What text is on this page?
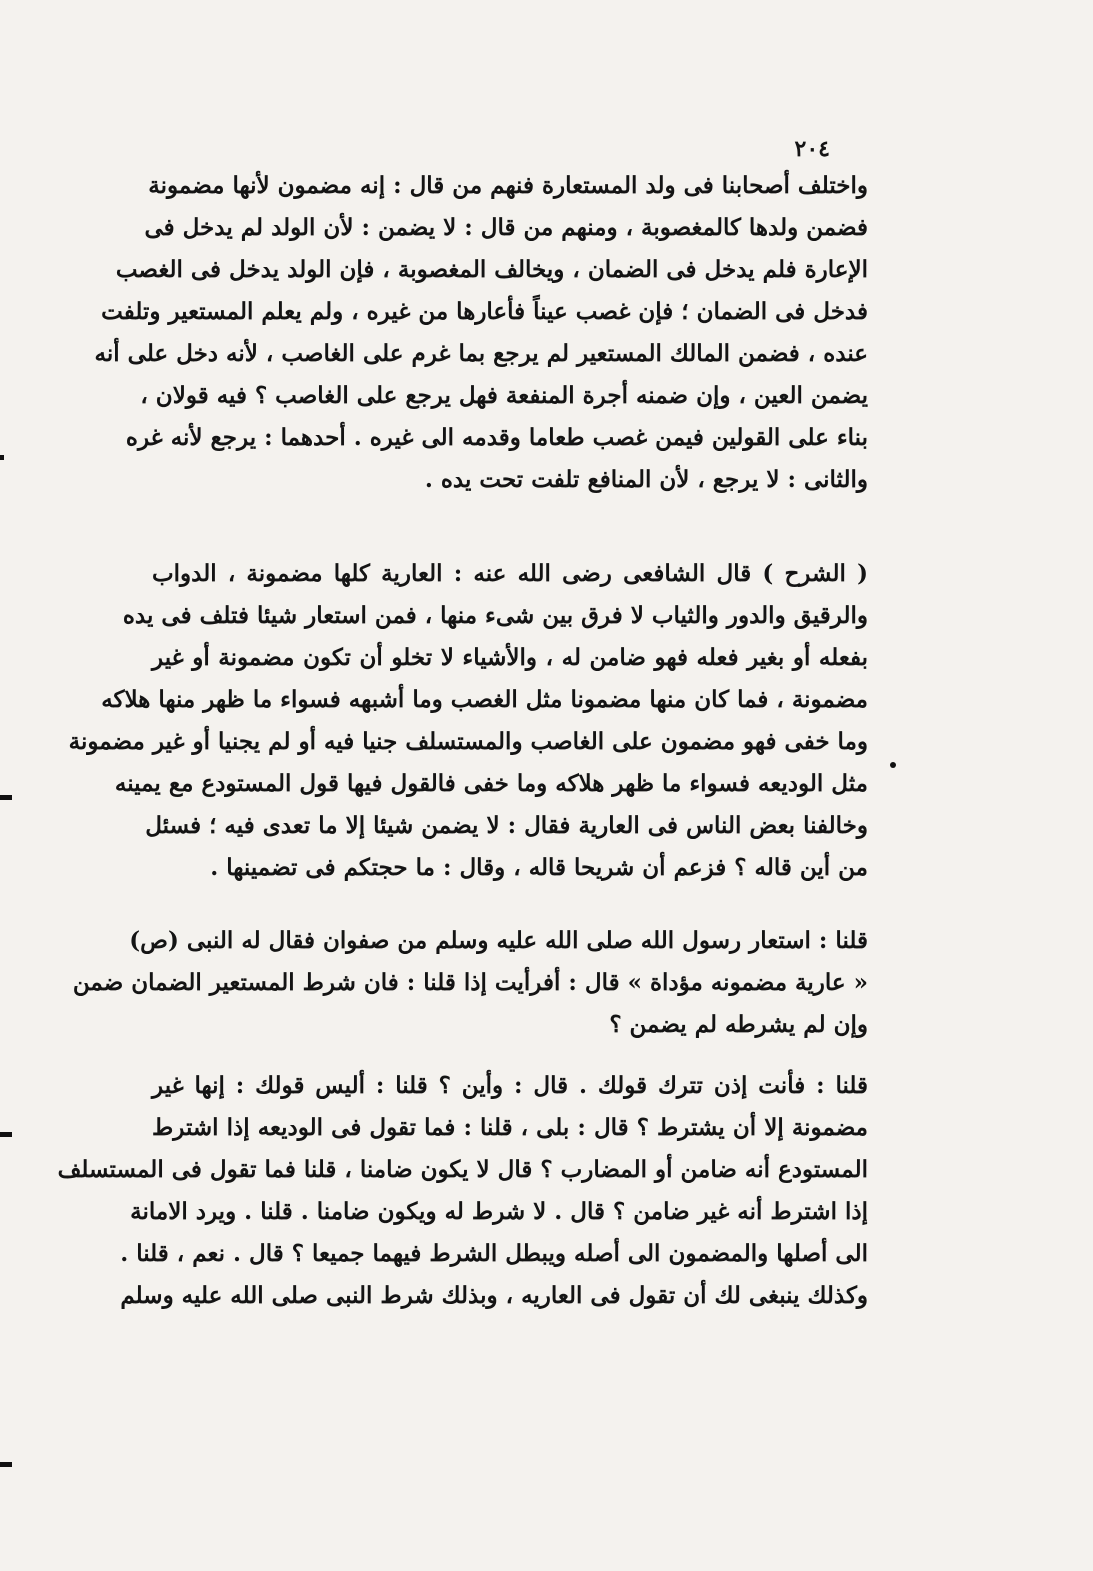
٢٠٤
واختلف أصحابنا فى ولد المستعارة فنهم من قال : إنه مضمون لأنها مضمونة
فضمن ولدها كالمغصوبة ، ومنهم من قال : لا يضمن : لأن الولد لم يدخل فى
الإعارة فلم يدخل فى الضمان ، ويخالف المغصوبة ، فإن الولد يدخل فى الغصب
فدخل فى الضمان ؛ فإن غصب عيناً فأعارها من غيره ، ولم يعلم المستعير وتلفت
عنده ، فضمن المالك المستعير لم يرجع بما غرم على الغاصب ، لأنه دخل على أنه
يضمن العين ، وإن ضمنه أجرة المنفعة فهل يرجع على الغاصب ؟ فيه قولان ،
بناء على القولين فيمن غصب طعاما وقدمه الى غيره . أحدهما : يرجع لأنه غره
والثانى : لا يرجع ، لأن المنافع تلفت تحت يده .
( الشرح ) قال الشافعى رضى الله عنه : العارية كلها مضمونة ، الدواب
والرقيق والدور والثياب لا فرق بين شىء منها ، فمن استعار شيئا فتلف فى يده
بفعله أو بغير فعله فهو ضامن له ، والأشياء لا تخلو أن تكون مضمونة أو غير
مضمونة ، فما كان منها مضمونا مثل الغصب وما أشبهه فسواء ما ظهر منها هلاكه
وما خفى فهو مضمون على الغاصب والمستسلف جنيا فيه أو لم يجنيا أو غير مضمونة
مثل الوديعه فسواء ما ظهر هلاكه وما خفى فالقول فيها قول المستودع مع يمينه
وخالفنا بعض الناس فى العارية فقال : لا يضمن شيئا إلا ما تعدى فيه ؛ فسئل
من أين قاله ؟ فزعم أن شريحا قاله ، وقال : ما حجتكم فى تضمينها .
قلنا : استعار رسول الله صلى الله عليه وسلم من صفوان فقال له النبى (ص)
« عارية مضمونه مؤداة » قال : أفرأيت إذا قلنا : فان شرط المستعير الضمان ضمن
وإن لم يشرطه لم يضمن ؟
قلنا : فأنت إذن تترك قولك . قال : وأين ؟ قلنا : أليس قولك : إنها غير
مضمونة إلا أن يشترط ؟ قال : بلى ، قلنا : فما تقول فى الوديعه إذا اشترط
المستودع أنه ضامن أو المضارب ؟ قال لا يكون ضامنا ، قلنا فما تقول فى المستسلف
إذا اشترط أنه غير ضامن ؟ قال . لا شرط له ويكون ضامنا . قلنا . ويرد الامانة
الى أصلها والمضمون الى أصله ويبطل الشرط فيهما جميعا ؟ قال . نعم ، قلنا .
وكذلك ينبغى لك أن تقول فى العاريه ، وبذلك شرط النبى صلى الله عليه وسلم
